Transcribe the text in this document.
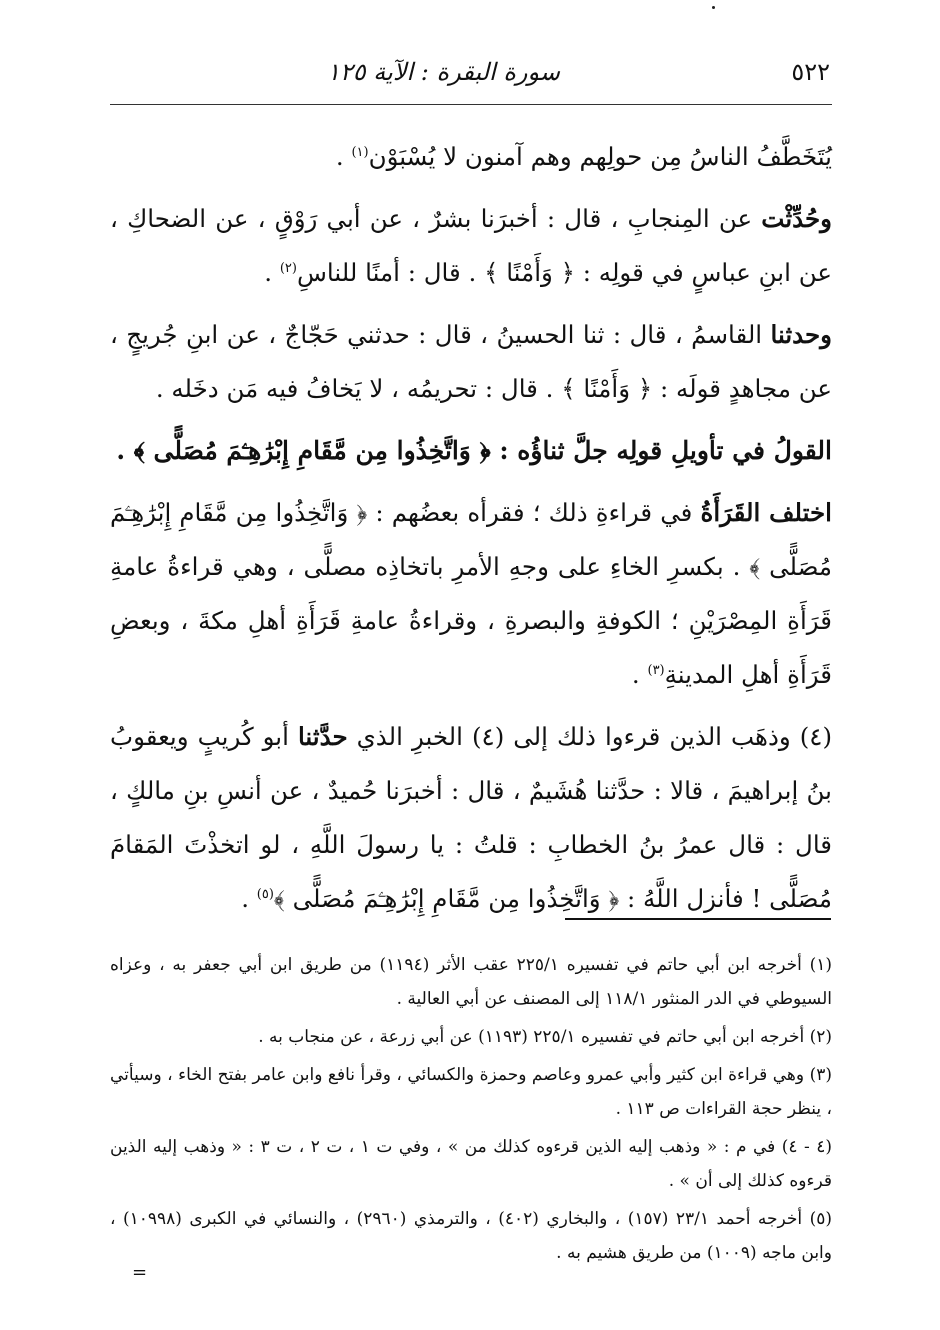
٥٢٢
سورة البقرة : الآية ١٢٥

يُتَخَطَّفُ الناسُ مِن حولِهم وهم آمنون لا يُسْبَوْن$^{(١)}$ .

وحُدِّثْت عن المِنجابِ ، قال : أخبرَنا بشرٌ ، عن أبي رَوْقٍ ، عن الضحاكِ ، عن ابنِ عباسٍ في قولِه : ﴿ وَأَمْنًا ﴾ . قال : أمنًا للناسِ$^{(٢)}$ .

وحدثنا القاسمُ ، قال : ثنا الحسينُ ، قال : حدثني حَجّاجٌ ، عن ابنِ جُريجٍ ، عن مجاهدٍ قولَه : ﴿ وَأَمْنًا ﴾ . قال : تحريمُه ، لا يَخافُ فيه مَن دخَله .

القولُ في تأويلِ قولِه جلَّ ثناؤُه : ﴿ وَاتَّخِذُوا مِن مَّقَامِ إِبْرَٰهِـۧمَ مُصَلًّى ﴾ .

اختلف القَرَأَةُ في قراءةِ ذلك ؛ فقرأه بعضُهم : ﴿ وَاتَّخِذُوا مِن مَّقَامِ إِبْرَٰهِـۧمَ مُصَلًّى ﴾ . بكسرِ الخاءِ على وجهِ الأمرِ باتخاذِه مصلًّى ، وهي قراءةُ عامةِ قَرَأَةِ المِصْرَيْنِ ؛ الكوفةِ والبصرةِ ، وقراءةُ عامةِ قَرَأَةِ أهلِ مكةَ ، وبعضِ قَرَأَةِ أهلِ المدينةِ$^{(٣)}$ .

(٤) وذهَب الذين قرءوا ذلك إلى (٤) الخبرِ الذي حدَّثنا أبو كُريبٍ ويعقوبُ بنُ إبراهيمَ ، قالا : حدَّثنا هُشَيمٌ ، قال : أخبرَنا حُميدٌ ، عن أنسِ بنِ مالكٍ ، قال : قال عمرُ بنُ الخطابِ : قلتُ : يا رسولَ اللَّهِ ، لو اتخذْتَ المَقامَ مُصَلًّى ! فأنزل اللَّهُ : ﴿ وَاتَّخِذُوا مِن مَّقَامِ إِبْرَٰهِـۧمَ مُصَلًّى ﴾$^{(٥)}$ .

(١) أخرجه ابن أبي حاتم في تفسيره ٢٢٥/١ عقب الأثر (١١٩٤) من طريق ابن أبي جعفر به ، وعزاه السيوطي في الدر المنثور ١١٨/١ إلى المصنف عن أبي العالية .

(٢) أخرجه ابن أبي حاتم في تفسيره ٢٢٥/١ (١١٩٣) عن أبي زرعة ، عن منجاب به .

(٣) وهي قراءة ابن كثير وأبي عمرو وعاصم وحمزة والكسائي ، وقرأ نافع وابن عامر بفتح الخاء ، وسيأتي ، ينظر حجة القراءات ص ١١٣ .

(٤ - ٤) في م : « وذهب إليه الذين قرءوه كذلك من » ، وفي ت ١ ، ت ٢ ، ت ٣ : « وذهب إليه الذين قرءوه كذلك إلى أن » .

(٥) أخرجه أحمد ٢٣/١ (١٥٧) ، والبخاري (٤٠٢) ، والترمذي (٢٩٦٠) ، والنسائي في الكبرى (١٠٩٩٨) ، وابن ماجه (١٠٠٩) من طريق هشيم به .

=
